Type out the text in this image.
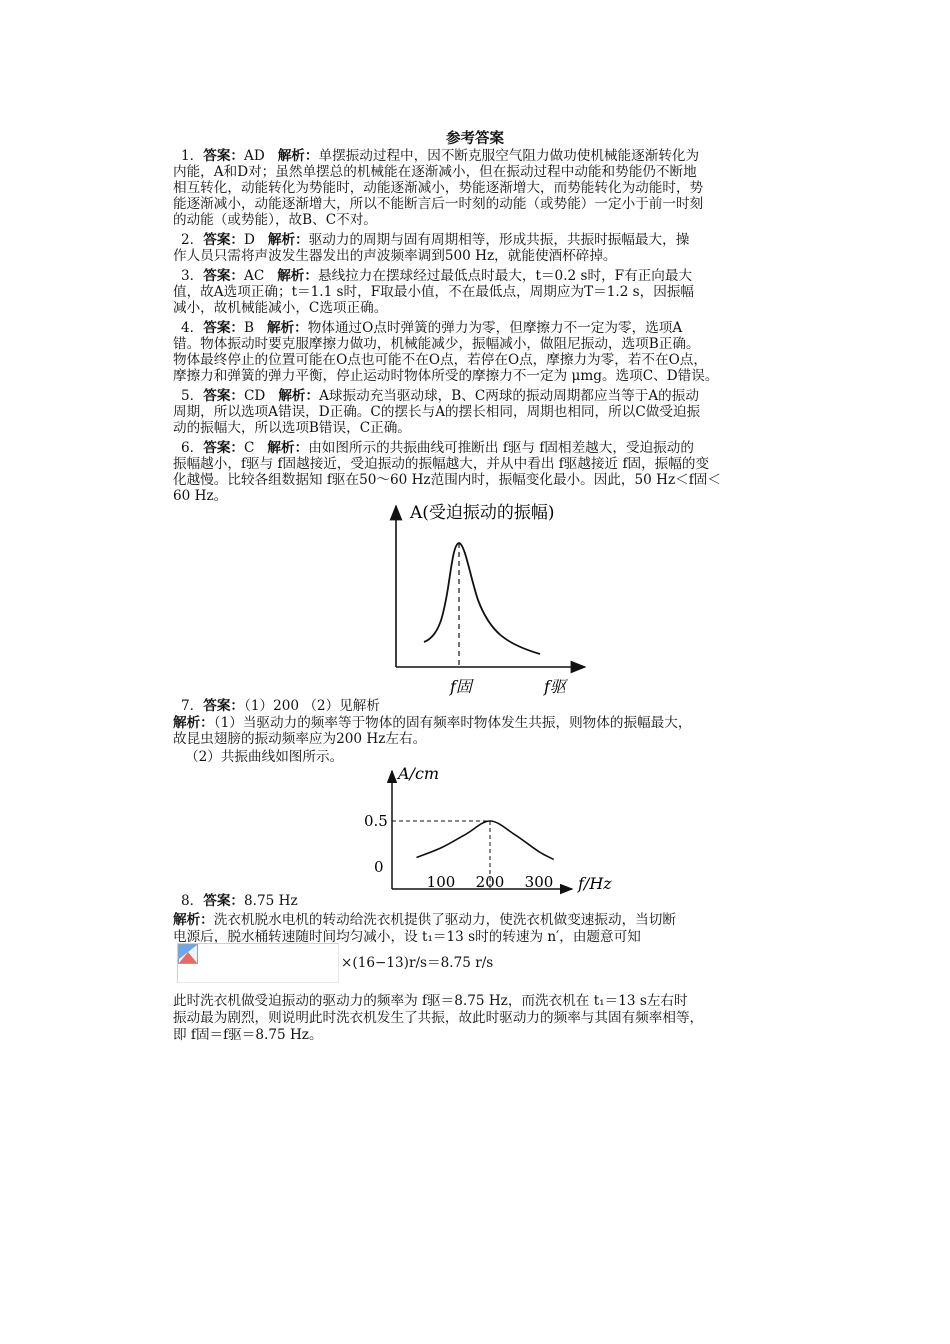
参考答案
1．答案：AD 解析：单摆振动过程中，因不断克服空气阻力做功使机械能逐渐转化为
内能，A和D对；虽然单摆总的机械能在逐渐减小，但在振动过程中动能和势能仍不断地
相互转化，动能转化为势能时，动能逐渐减小，势能逐渐增大，而势能转化为动能时，势
能逐渐减小，动能逐渐增大，所以不能断言后一时刻的动能（或势能）一定小于前一时刻
的动能（或势能），故B、C不对。
2．答案：D 解析：驱动力的周期与固有周期相等，形成共振，共振时振幅最大，操
作人员只需将声波发生器发出的声波频率调到500 Hz，就能使酒杯碎掉。
3．答案：AC 解析：悬线拉力在摆球经过最低点时最大，t＝0.2 s时，F有正向最大
值，故A选项正确；t＝1.1 s时，F取最小值，不在最低点，周期应为T＝1.2 s，因振幅
减小，故机械能减小，C选项正确。
4．答案：B 解析：物体通过O点时弹簧的弹力为零，但摩擦力不一定为零，选项A
错。物体振动时要克服摩擦力做功，机械能减少，振幅减小，做阻尼振动，选项B正确。
物体最终停止的位置可能在O点也可能不在O点，若停在O点，摩擦力为零，若不在O点，
摩擦力和弹簧的弹力平衡，停止运动时物体所受的摩擦力不一定为 μmg。选项C、D错误。
5．答案：CD 解析：A球振动充当驱动球，B、C两球的振动周期都应当等于A的振动
周期，所以选项A错误，D正确。C的摆长与A的摆长相同，周期也相同，所以C做受迫振
动的振幅大，所以选项B错误，C正确。
6．答案：C 解析：由如图所示的共振曲线可推断出 f驱与 f固相差越大，受迫振动的
振幅越小，f驱与 f固越接近，受迫振动的振幅越大，并从中看出 f驱越接近 f固，振幅的变
化越慢。比较各组数据知 f驱在50～60 Hz范围内时，振幅变化最小。因此，50 Hz＜f固＜
60 Hz。
A(受迫振动的振幅)
f固	f驱
7．答案：（1）200 （2）见解析
解析：（1）当驱动力的频率等于物体的固有频率时物体发生共振，则物体的振幅最大，
故昆虫翅膀的振动频率应为200 Hz左右。
（2）共振曲线如图所示。
A/cm
0.5
0
100 200 300 f/Hz
8．答案：8.75 Hz
解析：洗衣机脱水电机的转动给洗衣机提供了驱动力，使洗衣机做变速振动，当切断
电源后，脱水桶转速随时间均匀减小，设 t₁＝13 s时的转速为 n′，由题意可知
×(16−13)r/s＝8.75 r/s
此时洗衣机做受迫振动的驱动力的频率为 f驱＝8.75 Hz，而洗衣机在 t₁＝13 s左右时
振动最为剧烈，则说明此时洗衣机发生了共振，故此时驱动力的频率与其固有频率相等，
即 f固＝f驱＝8.75 Hz。
